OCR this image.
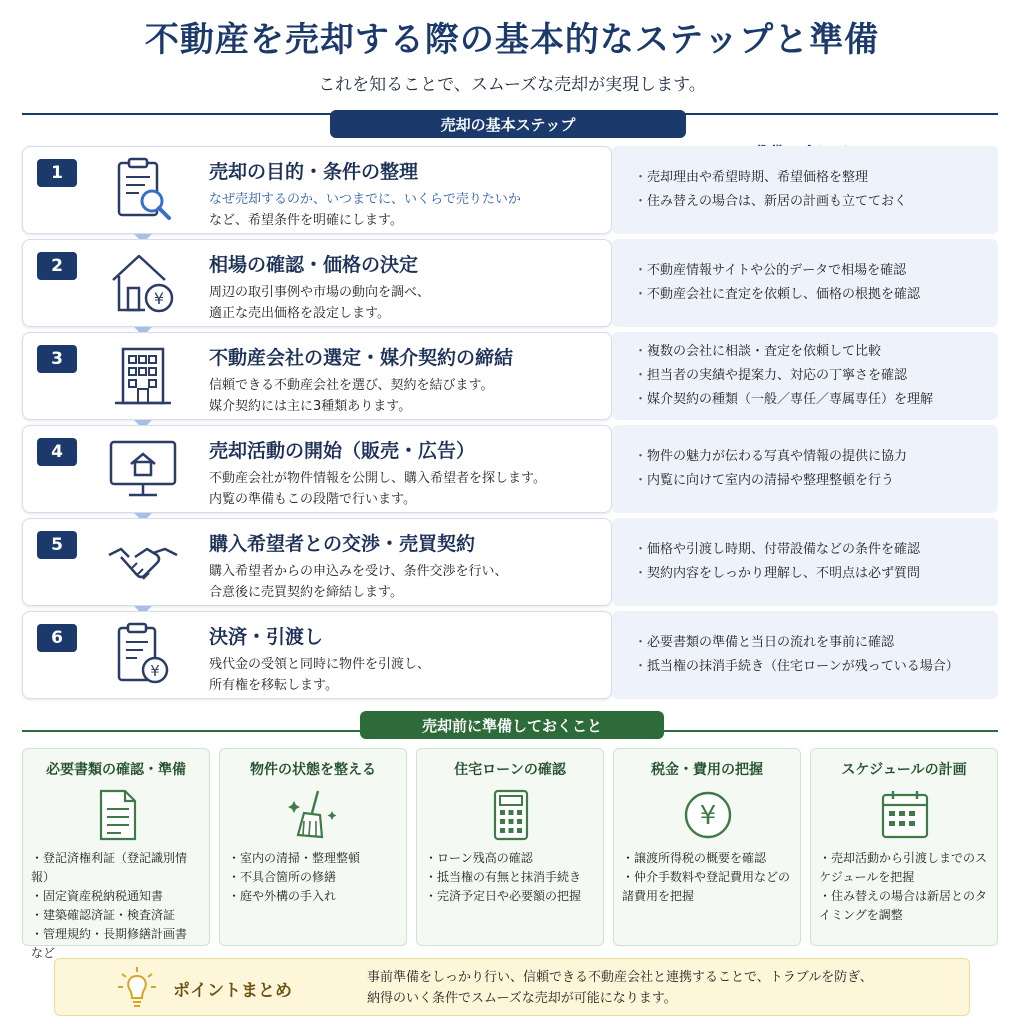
不動産を売却する際の基本的なステップと準備
これを知ることで、スムーズな売却が実現します。
売却の基本ステップ
1	売却の目的・条件の整理
なぜ売却するのか、いつまでに、いくらで売りたいか
など、希望条件を明確にします。
・ 売却理由や希望時期、希望価格を整理
・ 住み替えの場合は、新居の計画も立てておく
2
¥
相場の確認・価格の決定
周辺の取引事例や市場の動向を調べ、
適正な売出価格を設定します。
・ 不動産情報サイトや公的データで相場を確認
・ 不動産会社に査定を依頼し、価格の根拠を確認
3	不動産会社の選定・媒介契約の締結
信頼できる不動産会社を選び、契約を結びます。
媒介契約には主に3種類あります。
・ 複数の会社に相談・査定を依頼して比較
・ 担当者の実績や提案力、対応の丁寧さを確認
・ 媒介契約の種類（一般／専任／専属専任）を理解
4	売却活動の開始（販売・広告）
不動産会社が物件情報を公開し、購入希望者を探します。
内覧の準備もこの段階で行います。
・ 物件の魅力が伝わる写真や情報の提供に協力
・ 内覧に向けて室内の清掃や整理整頓を行う
5	購入希望者との交渉・売買契約
購入希望者からの申込みを受け、条件交渉を行い、
合意後に売買契約を締結します。
・ 価格や引渡し時期、付帯設備などの条件を確認
・ 契約内容をしっかり理解し、不明点は必ず質問
6
¥
決済・引渡し
残代金の受領と同時に物件を引渡し、
所有権を移転します。
・ 必要書類の準備と当日の流れを事前に確認
・ 抵当権の抹消手続き（住宅ローンが残っている場合）
売却前に準備しておくこと
必要書類の確認・準備
・ 登記済権利証（登記識別情報）
・ 固定資産税納税通知書
・ 建築確認済証・検査済証
・ 管理規約・長期修繕計画書
など
物件の状態を整える
・ 室内の清掃・整理整頓
・ 不具合箇所の修繕
・ 庭や外構の手入れ
住宅ローンの確認
・ ローン残高の確認
・ 抵当権の有無と抹消手続き
・ 完済予定日や必要額の把握
税金・費用の把握
¥
・ 譲渡所得税の概要を確認
・ 仲介手数料や登記費用などの諸費用を把握
スケジュールの計画
・ 売却活動から引渡しまでのスケジュールを把握
・ 住み替えの場合は新居とのタイミングを調整
ポイントまとめ
事前準備をしっかり行い、信頼できる不動産会社と連携することで、トラブルを防ぎ、
納得のいく条件でスムーズな売却が可能になります。
